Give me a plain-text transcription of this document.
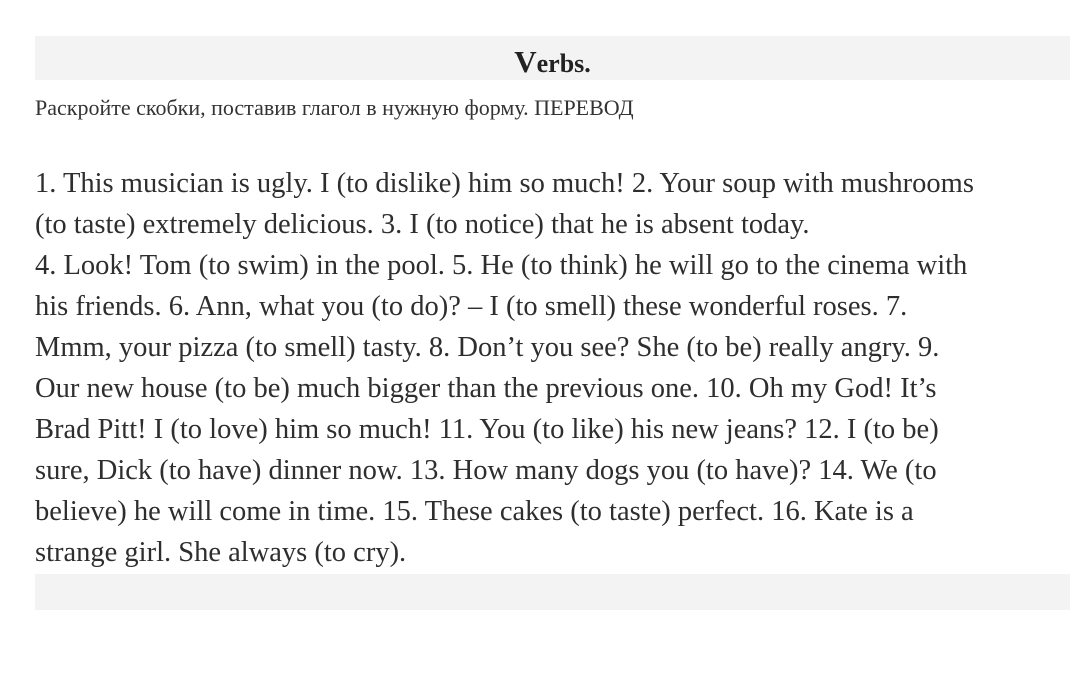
Verbs.
Раскройте скобки, поставив глагол в нужную форму. ПЕРЕВОД
1. This musician is ugly. I (to dislike) him so much! 2. Your soup with mushrooms
(to taste) extremely delicious. 3. I (to notice) that he is absent today.
4. Look! Tom (to swim) in the pool. 5. He (to think) he will go to the cinema with
his friends. 6. Ann, what you (to do)? – I (to smell) these wonderful roses. 7.
Mmm, your pizza (to smell) tasty. 8. Don’t you see? She (to be) really angry. 9.
Our new house (to be) much bigger than the previous one. 10. Oh my God! It’s
Brad Pitt! I (to love) him so much! 11. You (to like) his new jeans? 12. I (to be)
sure, Dick (to have) dinner now. 13. How many dogs you (to have)? 14. We (to
believe) he will come in time. 15. These cakes (to taste) perfect. 16. Kate is a
strange girl. She always (to cry).
